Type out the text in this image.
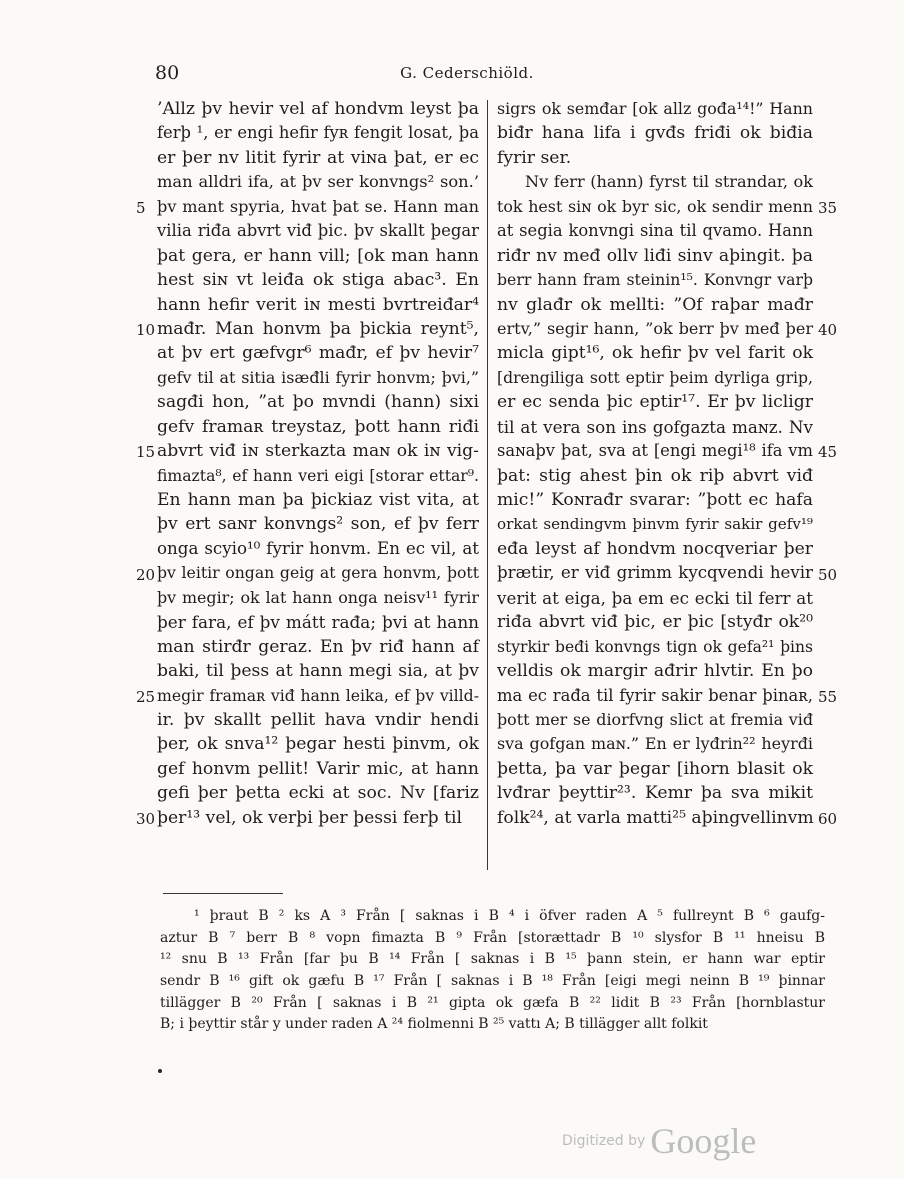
80	G. Cederschiöld.
’Allz þv hevir vel af hondvm leyst þa
ferþ ¹, er engi hefir fyʀ fengit losat, þa
er þer nv litit fyrir at viɴa þat, er ec
man alldri ifa, at þv ser konvngs² son.’
þv mant spyria, hvat þat se. Hann man
vilia riđa abvrt viđ þic. þv skallt þegar
þat gera, er hann vill; [ok man hann
hest siɴ vt leiđa ok stiga abac³. En
hann hefir verit iɴ mesti bvrtreiđar⁴
mađr. Man honvm þa þickia reynt⁵,
at þv ert gæfvgr⁶ mađr, ef þv hevir⁷
gefv til at sitia isæđli fyrir honvm; þvi,”
sagđi hon, ”at þo mvndi (hann) sixi
gefv framaʀ treystaz, þott hann riđi
abvrt viđ iɴ sterkazta maɴ ok iɴ vig-
fimazta⁸, ef hann veri eigi [storar ettar⁹.
En hann man þa þickiaz vist vita, at
þv ert saɴr konvngs² son, ef þv ferr
onga scyio¹⁰ fyrir honvm. En ec vil, at
þv leitir ongan geig at gera honvm, þott
þv megir; ok lat hann onga neisv¹¹ fyrir
þer fara, ef þv mátt rađa; þvi at hann
man stirđr geraz. En þv riđ hann af
baki, til þess at hann megi sia, at þv
megir framaʀ viđ hann leika, ef þv villd-
ir. þv skallt pellit hava vndir hendi
þer, ok snva¹² þegar hesti þinvm, ok
gef honvm pellit! Varir mic, at hann
gefi þer þetta ecki at soc. Nv [fariz
þer¹³ vel, ok verþi þer þessi ferþ til
sigrs ok semđar [ok allz gođa¹⁴!” Hann
biđr hana lifa i gvđs friđi ok biđia
fyrir ser.
Nv ferr (hann) fyrst til strandar, ok
tok hest siɴ ok byr sic, ok sendir menn
at segia konvngi sina til qvamo. Hann
riđr nv međ ollv liđi sinv aþingit. þa
berr hann fram steinin¹⁵. Konvngr varþ
nv glađr ok mellti: ”Of raþar mađr
ertv,” segir hann, ”ok berr þv međ þer
micla gipt¹⁶, ok hefir þv vel farit ok
[drengiliga sott eptir þeim dyrliga grip,
er ec senda þic eptir¹⁷. Er þv licligr
til at vera son ins gofgazta maɴz. Nv
saɴaþv þat, sva at [engi megi¹⁸ ifa vm
þat: stig ahest þin ok riþ abvrt viđ
mic!” Koɴrađr svarar: ”þott ec hafa
orkat sendingvm þinvm fyrir sakir gefv¹⁹
eđa leyst af hondvm nocqveriar þer
þrætir, er viđ grimm kycqvendi hevir
verit at eiga, þa em ec ecki til ferr at
riđa abvrt viđ þic, er þic [styđr ok²⁰
styrkir beđi konvngs tign ok gefa²¹ þins
velldis ok margir ađrir hlvtir. En þo
ma ec rađa til fyrir sakir benar þinaʀ,
þott mer se diorfvng slict at fremia viđ
sva gofgan maɴ.” En er lyđrin²² heyrđi
þetta, þa var þegar [ihorn blasit ok
lvđrar þeyttir²³. Kemr þa sva mikit
folk²⁴, at varla matti²⁵ aþingvellinvm
5
10
15
20
25
30
35
40
45
50
55
60
¹ þraut B ² ks A ³ Från [ saknas i B ⁴ i öfver raden A ⁵ fullreynt B ⁶ gaufg-
aztur B ⁷ berr B ⁸ vopn fimazta B ⁹ Från [storættadr B ¹⁰ slysfor B ¹¹ hneisu B
¹² snu B ¹³ Från [far þu B ¹⁴ Från [ saknas i B ¹⁵ þann stein, er hann war eptir
sendr B ¹⁶ gift ok gæfu B ¹⁷ Från [ saknas i B ¹⁸ Från [eigi megi neinn B ¹⁹ þinnar
tillägger B ²⁰ Från [ saknas i B ²¹ gipta ok gæfa B ²² lidit B ²³ Från [hornblastur
B; i þeyttir står y under raden A ²⁴ fiolmenni B ²⁵ vattı A; B tillägger allt folkit
Digitized by Google
